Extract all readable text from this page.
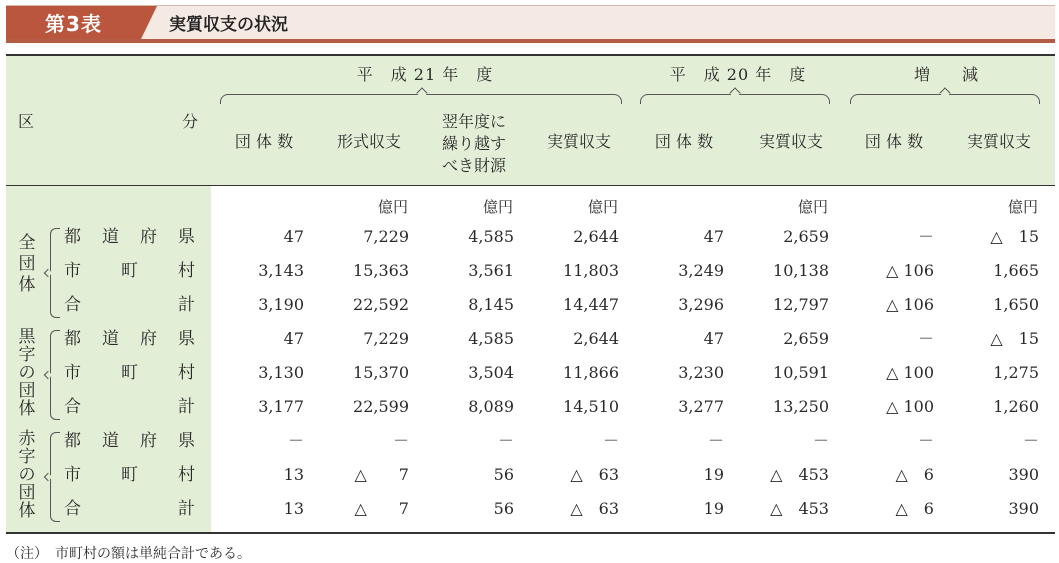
第3表	実質収支の状況
区	分
平　成 21 年　度	平　成 20 年　度	増　　減
団 体 数	形式収支
翌年度に
繰り越す
べき財源
実質収支	団 体 数	実質収支	団 体 数	実質収支
億円	億円	億円	億円	億円
全
団
体
黒
字
の
団
体
赤
字
の
団
体
都 道 府 県	47	7,229	4,585	2,644	47	2,659	－	△　15
市 町 村	3,143	15,363	3,561	11,803	3,249	10,138	△ 106	1,665
合	計	3,190	22,592	8,145	14,447	3,296	12,797	△ 106	1,650
都 道 府 県	47	7,229	4,585	2,644	47	2,659	－	△　15
市 町 村	3,130	15,370	3,504	11,866	3,230	10,591	△ 100	1,275
合	計	3,177	22,599	8,089	14,510	3,277	13,250	△ 100	1,260
都 道 府 県	－	－	－	－	－	－	－	－
市 町 村	13	△　　7	56	△　63	19	△　453	△　6	390
合	計	13	△　　7	56	△　63	19	△　453	△　6	390
（注）　市町村の額は単純合計である。
